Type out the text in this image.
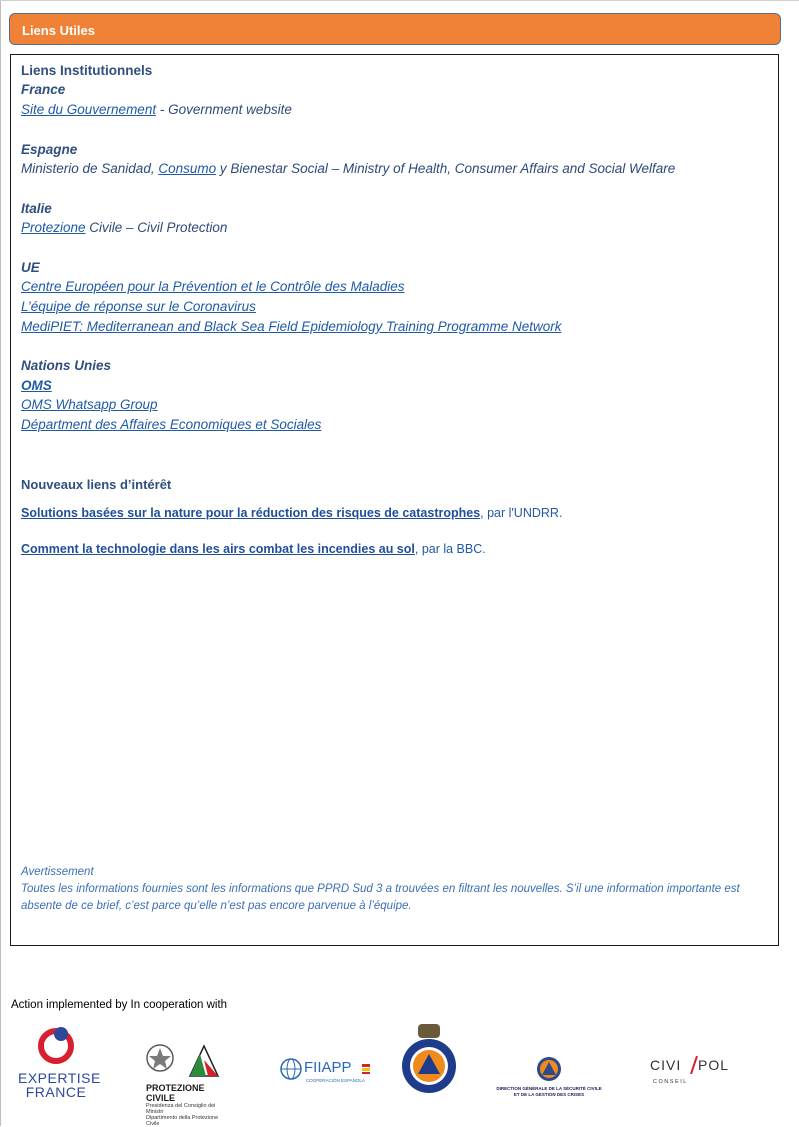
Liens Utiles
Liens Institutionnels
France
Site du Gouvernement - Government website
Espagne
Ministerio de Sanidad, Consumo y Bienestar Social – Ministry of Health, Consumer Affairs and Social Welfare
Italie
Protezione Civile – Civil Protection
UE
Centre Européen pour la Prévention et le Contrôle des Maladies
L’équipe de réponse sur le Coronavirus
MediPIET: Mediterranean and Black Sea Field Epidemiology Training Programme Network
Nations Unies
OMS
OMS Whatsapp Group
Départment des Affaires Economiques et Sociales
Nouveaux liens d’intérêt
Solutions basées sur la nature pour la réduction des risques de catastrophes, par l'UNDRR.
Comment la technologie dans les airs combat les incendies au sol, par la BBC.
Avertissement
Toutes les informations fournies sont les informations que PPRD Sud 3 a trouvées en filtrant les nouvelles. S’il une information importante est absente de ce brief, c’est parce qu’elle n’est pas encore parvenue à l’équipe.
Action implemented by In cooperation with
EXPERTISE
FRANCE	PROTEZIONE CIVILE
Presidenza del Consiglio dei Ministri
Dipartimento della Protezione Civile
FIIAPP
COOPERACIÓN ESPAÑOLA
DIRECTION GÉNÉRALE DE LA SÉCURITÉ CIVILE
ET DE LA GESTION DES CRISES
CIVI POL
C O N S E I L
